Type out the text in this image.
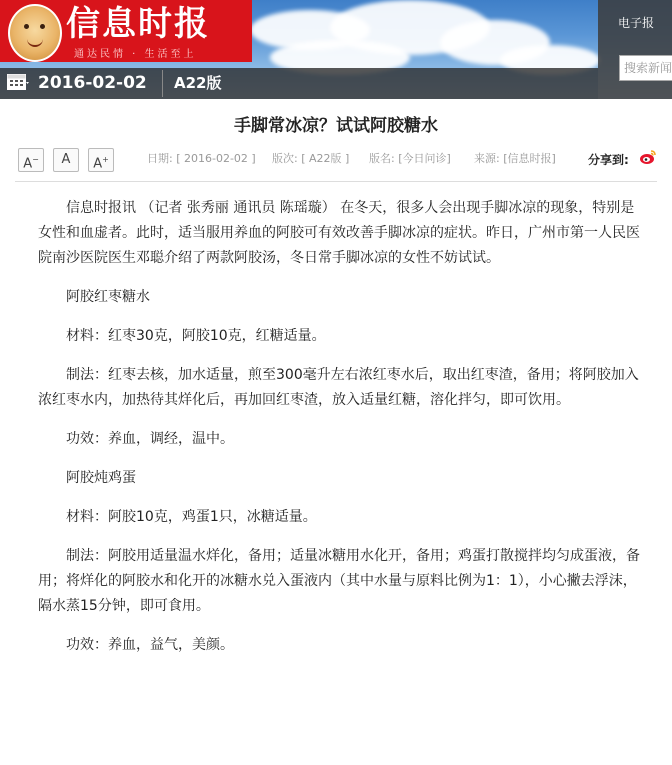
信息时报
通达民情 · 生活至上
电子报
搜索新闻
2016-02-02 A22版
手脚常冰凉？试试阿胶糖水
A−	A	A+	日期: [ 2016-02-02 ] 版次: [ A22版 ] 版名: [今日问诊] 来源: [信息时报]	分享到:

信息时报讯 （记者 张秀丽 通讯员 陈瑶璇） 在冬天，很多人会出现手脚冰凉的现象，特别是女性和血虚者。此时，适当服用养血的阿胶可有效改善手脚冰凉的症状。昨日，广州市第一人民医院南沙医院医生邓聪介绍了两款阿胶汤，冬日常手脚冰凉的女性不妨试试。

阿胶红枣糖水

材料：红枣30克，阿胶10克，红糖适量。

制法：红枣去核，加水适量，煎至300毫升左右浓红枣水后，取出红枣渣，备用；将阿胶加入浓红枣水内，加热待其烊化后，再加回红枣渣，放入适量红糖，溶化拌匀，即可饮用。

功效：养血，调经，温中。

阿胶炖鸡蛋

材料：阿胶10克，鸡蛋1只，冰糖适量。

制法：阿胶用适量温水烊化，备用；适量冰糖用水化开，备用；鸡蛋打散搅拌均匀成蛋液，备用；将烊化的阿胶水和化开的冰糖水兑入蛋液内（其中水量与原料比例为1：1），小心撇去浮沫，隔水蒸15分钟，即可食用。

功效：养血，益气，美颜。
